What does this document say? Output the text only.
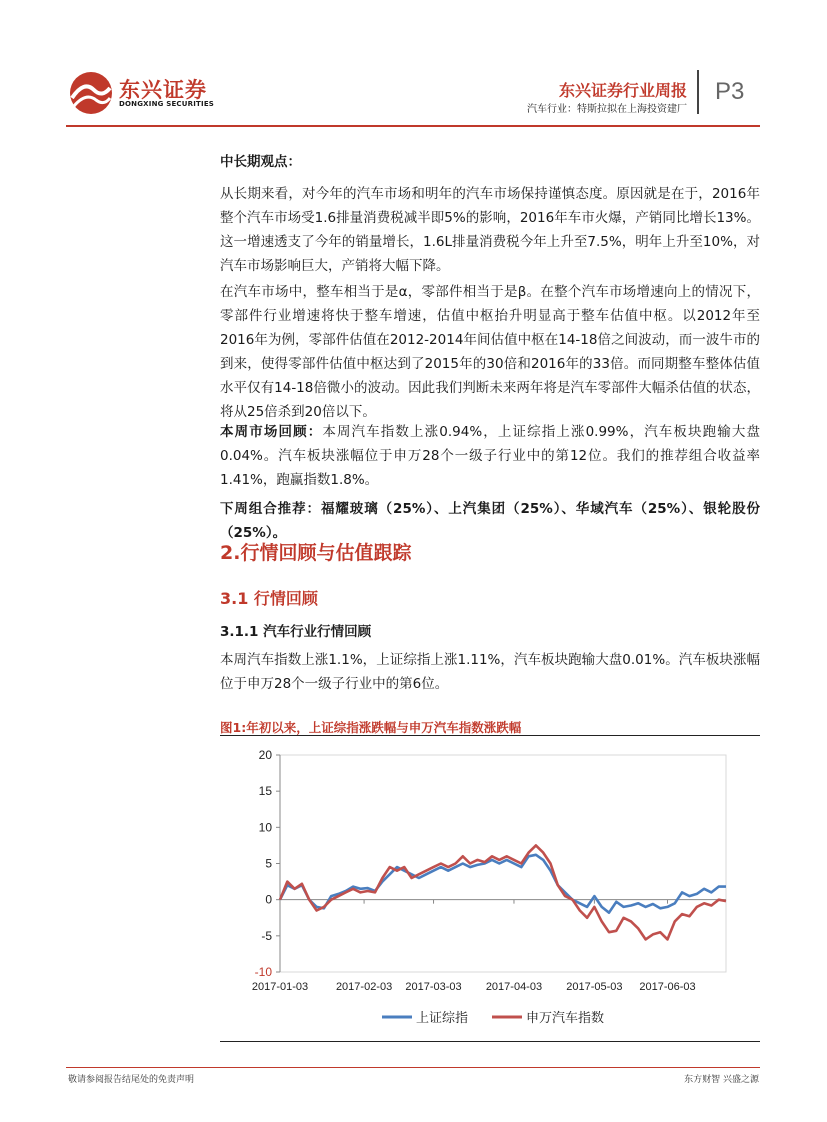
东兴证券
DONGXING SECURITIES
东兴证券行业周报
汽车行业：特斯拉拟在上海投资建厂
P3
中长期观点：
从长期来看，对今年的汽车市场和明年的汽车市场保持谨慎态度。原因就是在于，2016年整个汽车市场受1.6排量消费税减半即5%的影响，2016年车市火爆，产销同比增长13%。这一增速透支了今年的销量增长，1.6L排量消费税今年上升至7.5%，明年上升至10%，对汽车市场影响巨大，产销将大幅下降。
在汽车市场中，整车相当于是α，零部件相当于是β。在整个汽车市场增速向上的情况下，零部件行业增速将快于整车增速，估值中枢抬升明显高于整车估值中枢。以2012年至2016年为例，零部件估值在2012-2014年间估值中枢在14-18倍之间波动，而一波牛市的到来，使得零部件估值中枢达到了2015年的30倍和2016年的33倍。而同期整车整体估值水平仅有14-18倍微小的波动。因此我们判断未来两年将是汽车零部件大幅杀估值的状态，将从25倍杀到20倍以下。
本周市场回顾：本周汽车指数上涨0.94%，上证综指上涨0.99%，汽车板块跑输大盘0.04%。汽车板块涨幅位于申万28个一级子行业中的第12位。我们的推荐组合收益率1.41%，跑赢指数1.8%。
下周组合推荐：福耀玻璃（25%）、上汽集团（25%）、华域汽车（25%）、银轮股份（25%）。
2.行情回顾与估值跟踪
3.1 行情回顾
3.1.1 汽车行业行情回顾
本周汽车指数上涨1.1%，上证综指上涨1.11%，汽车板块跑输大盘0.01%。汽车板块涨幅位于申万28个一级子行业中的第6位。
图1:年初以来，上证综指涨跌幅与申万汽车指数涨跌幅
20
15
10
5
0
-5
-10
2017-01-03	2017-02-03 2017-03-03 2017-04-03 2017-05-03 2017-06-03
上证综指	申万汽车指数
敬请参阅报告结尾处的免责声明	东方财智 兴盛之源
